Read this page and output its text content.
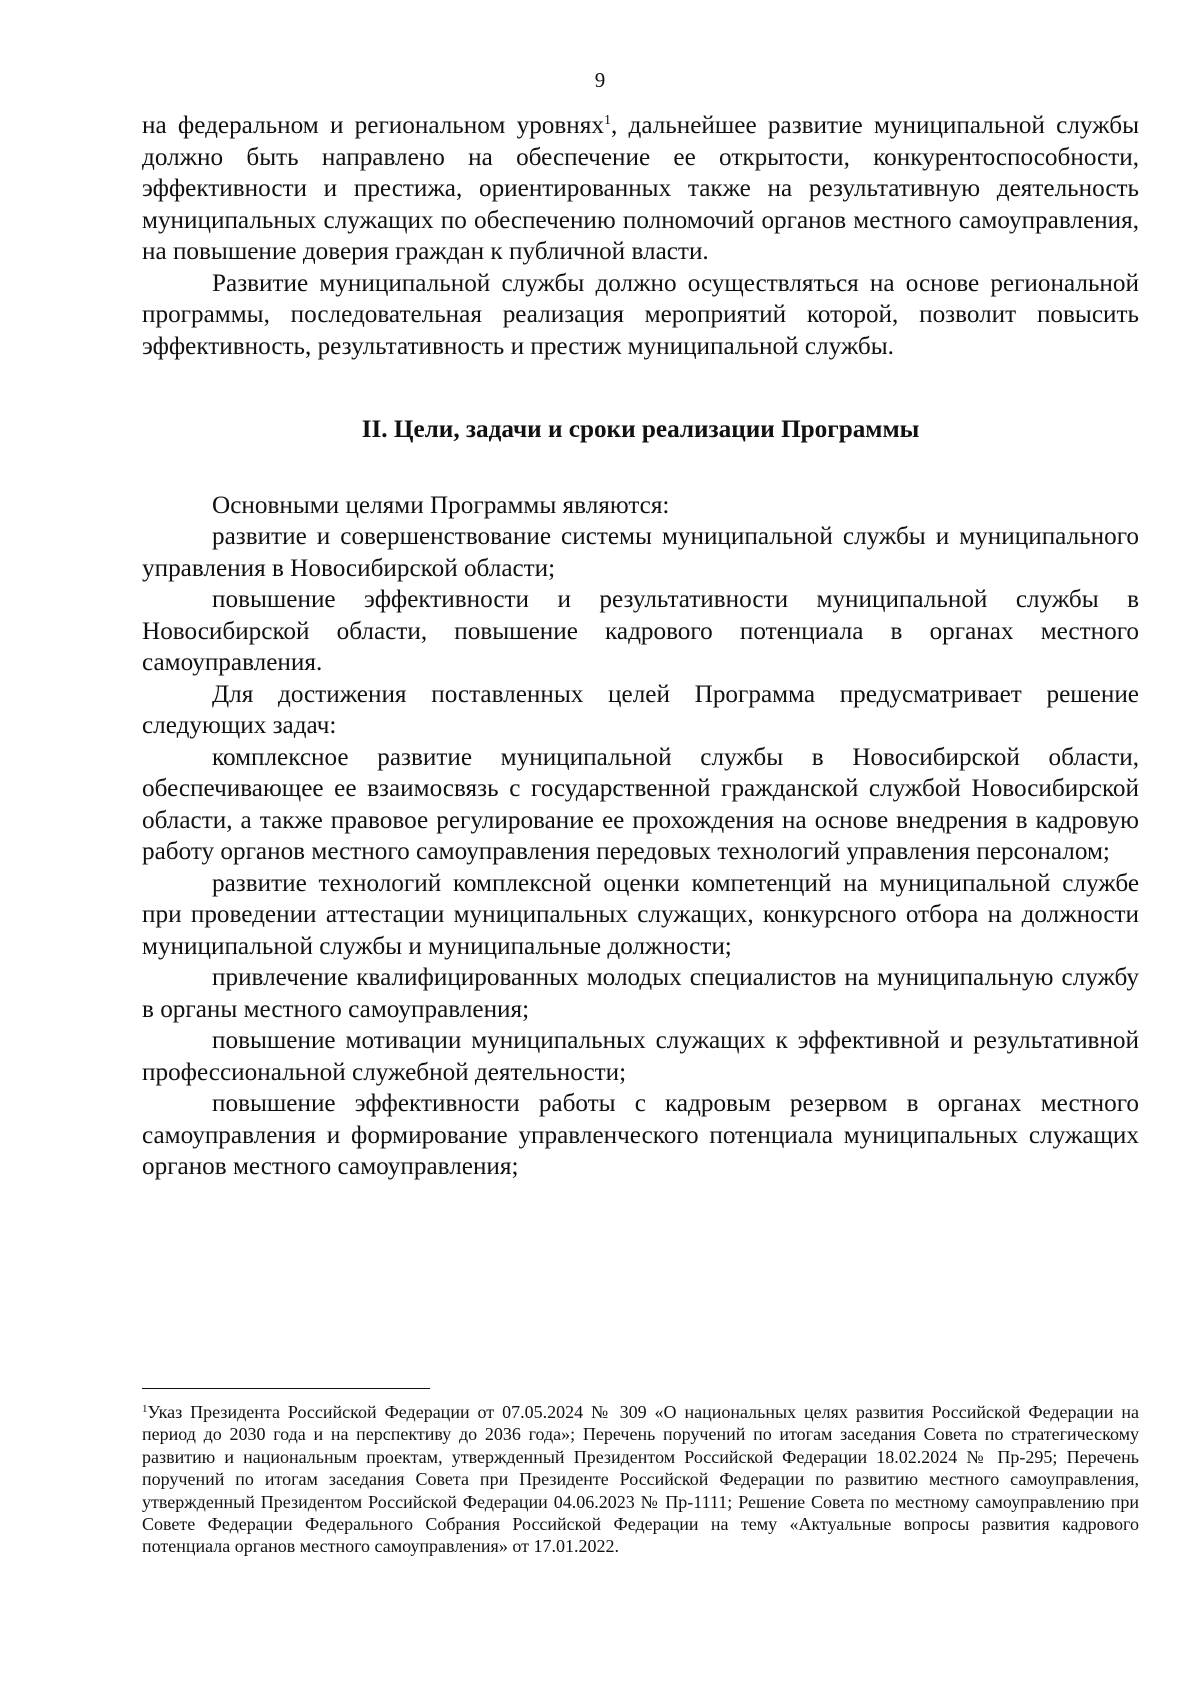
9

на федеральном и региональном уровнях$^1$, дальнейшее развитие муниципальной службы должно быть направлено на обеспечение ее открытости, конкурентоспособности, эффективности и престижа, ориентированных также на результативную деятельность муниципальных служащих по обеспечению полномочий органов местного самоуправления, на повышение доверия граждан к публичной власти.

Развитие муниципальной службы должно осуществляться на основе региональной программы, последовательная реализация мероприятий которой, позволит повысить эффективность, результативность и престиж муниципальной службы.

II. Цели, задачи и сроки реализации Программы

Основными целями Программы являются:

развитие и совершенствование системы муниципальной службы и муниципального управления в Новосибирской области;

повышение эффективности и результативности муниципальной службы в Новосибирской области, повышение кадрового потенциала в органах местного самоуправления.

Для достижения поставленных целей Программа предусматривает решение следующих задач:

комплексное развитие муниципальной службы в Новосибирской области, обеспечивающее ее взаимосвязь с государственной гражданской службой Новосибирской области, а также правовое регулирование ее прохождения на основе внедрения в кадровую работу органов местного самоуправления передовых технологий управления персоналом;

развитие технологий комплексной оценки компетенций на муниципальной службе при проведении аттестации муниципальных служащих, конкурсного отбора на должности муниципальной службы и муниципальные должности;

привлечение квалифицированных молодых специалистов на муниципальную службу в органы местного самоуправления;

повышение мотивации муниципальных служащих к эффективной и результативной профессиональной служебной деятельности;

повышение эффективности работы с кадровым резервом в органах местного самоуправления и формирование управленческого потенциала муниципальных служащих органов местного самоуправления;

$^1$Указ Президента Российской Федерации от 07.05.2024 № 309 «О национальных целях развития Российской Федерации на период до 2030 года и на перспективу до 2036 года»; Перечень поручений по итогам заседания Совета по стратегическому развитию и национальным проектам, утвержденный Президентом Российской Федерации 18.02.2024 № Пр-295; Перечень поручений по итогам заседания Совета при Президенте Российской Федерации по развитию местного самоуправления, утвержденный Президентом Российской Федерации 04.06.2023 № Пр-1111; Решение Совета по местному самоуправлению при Совете Федерации Федерального Собрания Российской Федерации на тему «Актуальные вопросы развития кадрового потенциала органов местного самоуправления» от 17.01.2022.
